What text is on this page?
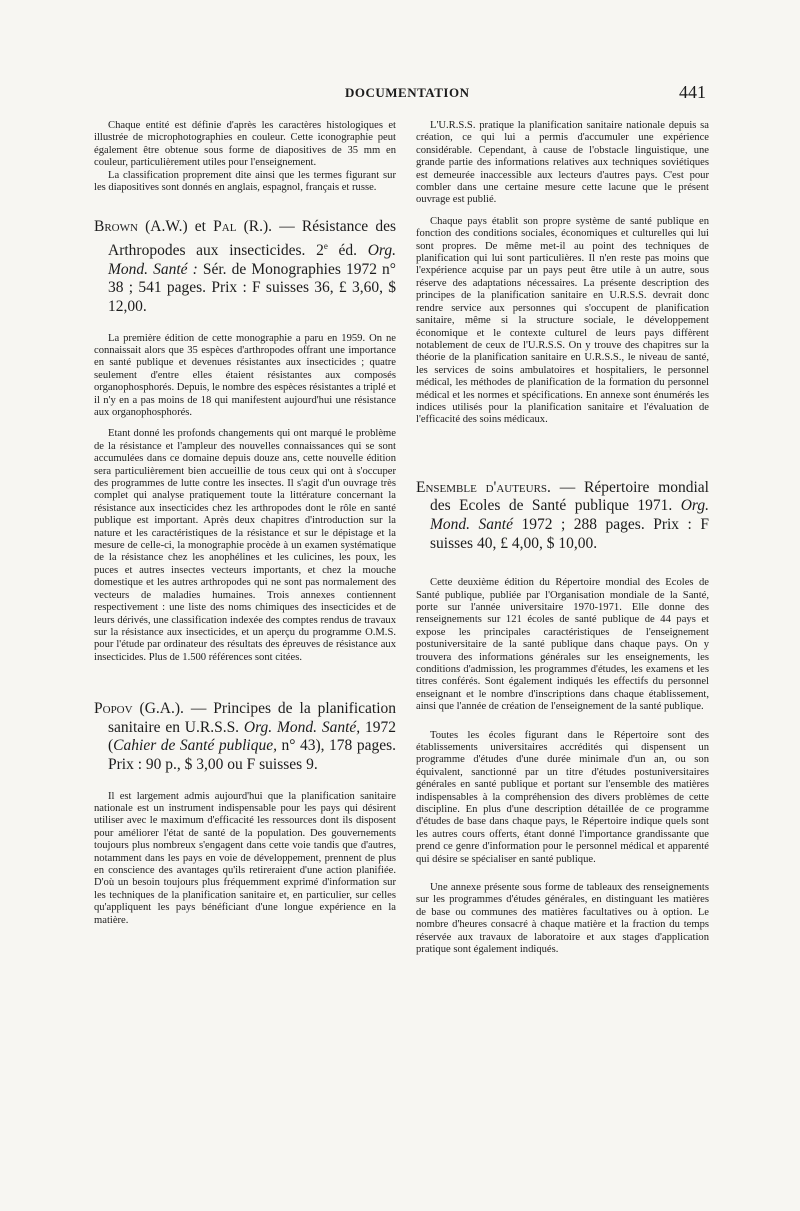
DOCUMENTATION	441

Chaque entité est définie d'après les caractères histologiques et illustrée de microphotographies en couleur. Cette iconographie peut également être obtenue sous forme de diapositives de 35 mm en couleur, particulièrement utiles pour l'enseignement.

La classification proprement dite ainsi que les termes figurant sur les diapositives sont donnés en anglais, espagnol, français et russe.

Brown (A.W.) et Pal (R.). — Résistance des Arthropodes aux insecticides. 2e éd. Org. Mond. Santé : Sér. de Monographies 1972 n° 38 ; 541 pages. Prix : F suisses 36, £ 3,60, $ 12,00.

La première édition de cette monographie a paru en 1959. On ne connaissait alors que 35 espèces d'arthropodes offrant une importance en santé publique et devenues résistantes aux insecticides ; quatre seulement d'entre elles étaient résistantes aux composés organophosphorés. Depuis, le nombre des espèces résistantes a triplé et il n'y en a pas moins de 18 qui manifestent aujourd'hui une résistance aux organophosphorés.

Etant donné les profonds changements qui ont marqué le problème de la résistance et l'ampleur des nouvelles connaissances qui se sont accumulées dans ce domaine depuis douze ans, cette nouvelle édition sera particulièrement bien accueillie de tous ceux qui ont à s'occuper des programmes de lutte contre les insectes. Il s'agit d'un ouvrage très complet qui analyse pratiquement toute la littérature concernant la résistance aux insecticides chez les arthropodes dont le rôle en santé publique est important. Après deux chapitres d'introduction sur la nature et les caractéristiques de la résistance et sur le dépistage et la mesure de celle-ci, la monographie procède à un examen systématique de la résistance chez les anophélines et les culicines, les poux, les puces et autres insectes vecteurs importants, et chez la mouche domestique et les autres arthropodes qui ne sont pas normalement des vecteurs de maladies humaines. Trois annexes contiennent respectivement : une liste des noms chimiques des insecticides et de leurs dérivés, une classification indexée des comptes rendus de travaux sur la résistance aux insecticides, et un aperçu du programme O.M.S. pour l'étude par ordinateur des résultats des épreuves de résistance aux insecticides. Plus de 1.500 références sont citées.

Popov (G.A.). — Principes de la planification sanitaire en U.R.S.S. Org. Mond. Santé, 1972 (Cahier de Santé publique, n° 43), 178 pages. Prix : 90 p., $ 3,00 ou F suisses 9.

Il est largement admis aujourd'hui que la planification sanitaire nationale est un instrument indispensable pour les pays qui désirent utiliser avec le maximum d'efficacité les ressources dont ils disposent pour améliorer l'état de santé de la population. Des gouvernements toujours plus nombreux s'engagent dans cette voie tandis que d'autres, notamment dans les pays en voie de développement, prennent de plus en conscience des avantages qu'ils retireraient d'une action planifiée. D'où un besoin toujours plus fréquemment exprimé d'information sur les techniques de la planification sanitaire et, en particulier, sur celles qu'appliquent les pays bénéficiant d'une longue expérience en la matière.

L'U.R.S.S. pratique la planification sanitaire nationale depuis sa création, ce qui lui a permis d'accumuler une expérience considérable. Cependant, à cause de l'obstacle linguistique, une grande partie des informations relatives aux techniques soviétiques est demeurée inaccessible aux lecteurs d'autres pays. C'est pour combler dans une certaine mesure cette lacune que le présent ouvrage est publié.

Chaque pays établit son propre système de santé publique en fonction des conditions sociales, économiques et culturelles qui lui sont propres. De même met-il au point des techniques de planification qui lui sont particulières. Il n'en reste pas moins que l'expérience acquise par un pays peut être utile à un autre, sous réserve des adaptations nécessaires. La présente description des principes de la planification sanitaire en U.R.S.S. devrait donc rendre service aux personnes qui s'occupent de planification sanitaire, même si la structure sociale, le développement économique et le contexte culturel de leurs pays diffèrent notablement de ceux de l'U.R.S.S. On y trouve des chapitres sur la théorie de la planification sanitaire en U.R.S.S., le niveau de santé, les services de soins ambulatoires et hospitaliers, le personnel médical, les méthodes de planification de la formation du personnel médical et les normes et spécifications. En annexe sont énumérés les indices utilisés pour la planification sanitaire et l'évaluation de l'efficacité des soins médicaux.

Ensemble d'auteurs. — Répertoire mondial des Ecoles de Santé publique 1971. Org. Mond. Santé 1972 ; 288 pages. Prix : F suisses 40, £ 4,00, $ 10,00.

Cette deuxième édition du Répertoire mondial des Ecoles de Santé publique, publiée par l'Organisation mondiale de la Santé, porte sur l'année universitaire 1970-1971. Elle donne des renseignements sur 121 écoles de santé publique de 44 pays et expose les principales caractéristiques de l'enseignement postuniversitaire de la santé publique dans chaque pays. On y trouvera des informations générales sur les enseignements, les conditions d'admission, les programmes d'études, les examens et les titres conférés. Sont également indiqués les effectifs du personnel enseignant et le nombre d'inscriptions dans chaque établissement, ainsi que l'année de création de l'enseignement de la santé publique.

Toutes les écoles figurant dans le Répertoire sont des établissements universitaires accrédités qui dispensent un programme d'études d'une durée minimale d'un an, ou son équivalent, sanctionné par un titre d'études postuniversitaires générales en santé publique et portant sur l'ensemble des matières indispensables à la compréhension des divers problèmes de cette discipline. En plus d'une description détaillée de ce programme d'études de base dans chaque pays, le Répertoire indique quels sont les autres cours offerts, étant donné l'importance grandissante que prend ce genre d'information pour le personnel médical et apparenté qui désire se spécialiser en santé publique.

Une annexe présente sous forme de tableaux des renseignements sur les programmes d'études générales, en distinguant les matières de base ou communes des matières facultatives ou à option. Le nombre d'heures consacré à chaque matière et la fraction du temps réservée aux travaux de laboratoire et aux stages d'application pratique sont également indiqués.
